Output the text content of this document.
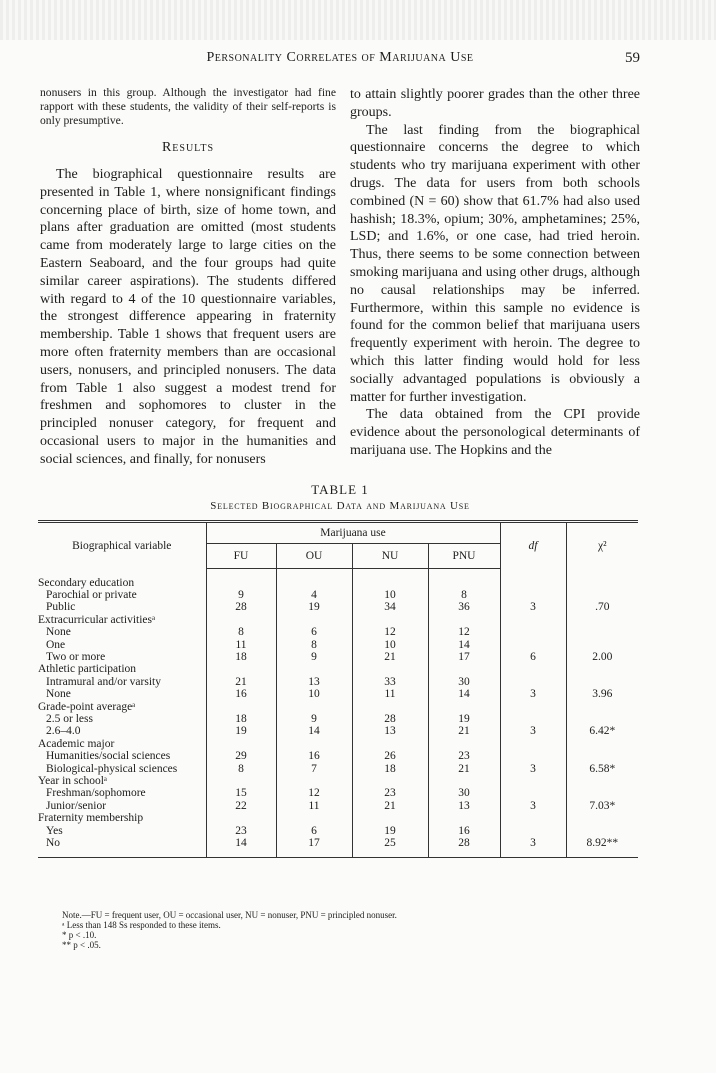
Personality Correlates of Marijuana Use	59

nonusers in this group. Although the investigator had fine rapport with these students, the validity of their self-reports is only presumptive.

Results

The biographical questionnaire results are presented in Table 1, where nonsignificant findings concerning place of birth, size of home town, and plans after graduation are omitted (most students came from moderately large to large cities on the Eastern Seaboard, and the four groups had quite similar career aspirations). The students differed with regard to 4 of the 10 questionnaire variables, the strongest difference appearing in fraternity membership. Table 1 shows that frequent users are more often fraternity members than are occasional users, nonusers, and principled nonusers. The data from Table 1 also suggest a modest trend for freshmen and sophomores to cluster in the principled nonuser category, for frequent and occasional users to major in the humanities and social sciences, and finally, for nonusers

to attain slightly poorer grades than the other three groups.

The last finding from the biographical questionnaire concerns the degree to which students who try marijuana experiment with other drugs. The data for users from both schools combined (N = 60) show that 61.7% had also used hashish; 18.3%, opium; 30%, amphetamines; 25%, LSD; and 1.6%, or one case, had tried heroin. Thus, there seems to be some connection between smoking marijuana and using other drugs, although no causal relationships may be inferred. Furthermore, within this sample no evidence is found for the common belief that marijuana users frequently experiment with heroin. The degree to which this latter finding would hold for less socially advantaged populations is obviously a matter for further investigation.

The data obtained from the CPI provide evidence about the personological determinants of marijuana use. The Hopkins and the

TABLE 1
Selected Biographical Data and Marijuana Use
Biographical variable	Marijuana use				df	χ²
	FU	OU	NU	PNU		
Secondary education						
Parochial or private	9	4	10	8		
Public	28	19	34	36	3	.70
Extracurricular activitiesᵃ						
None	8	6	12	12		
One	11	8	10	14		
Two or more	18	9	21	17	6	2.00
Athletic participation						
Intramural and/or varsity	21	13	33	30		
None	16	10	11	14	3	3.96
Grade-point averageᵃ						
2.5 or less	18	9	28	19		
2.6–4.0	19	14	13	21	3	6.42*
Academic major						
Humanities/social sciences	29	16	26	23		
Biological-physical sciences	8	7	18	21	3	6.58*
Year in schoolᵃ						
Freshman/sophomore	15	12	23	30		
Junior/senior	22	11	21	13	3	7.03*
Fraternity membership						
Yes	23	6	19	16		
No	14	17	25	28	3	8.92**
Note.—FU = frequent user, OU = occasional user, NU = nonuser, PNU = principled nonuser.
ᵃ Less than 148 Ss responded to these items.
* p < .10.
** p < .05.
